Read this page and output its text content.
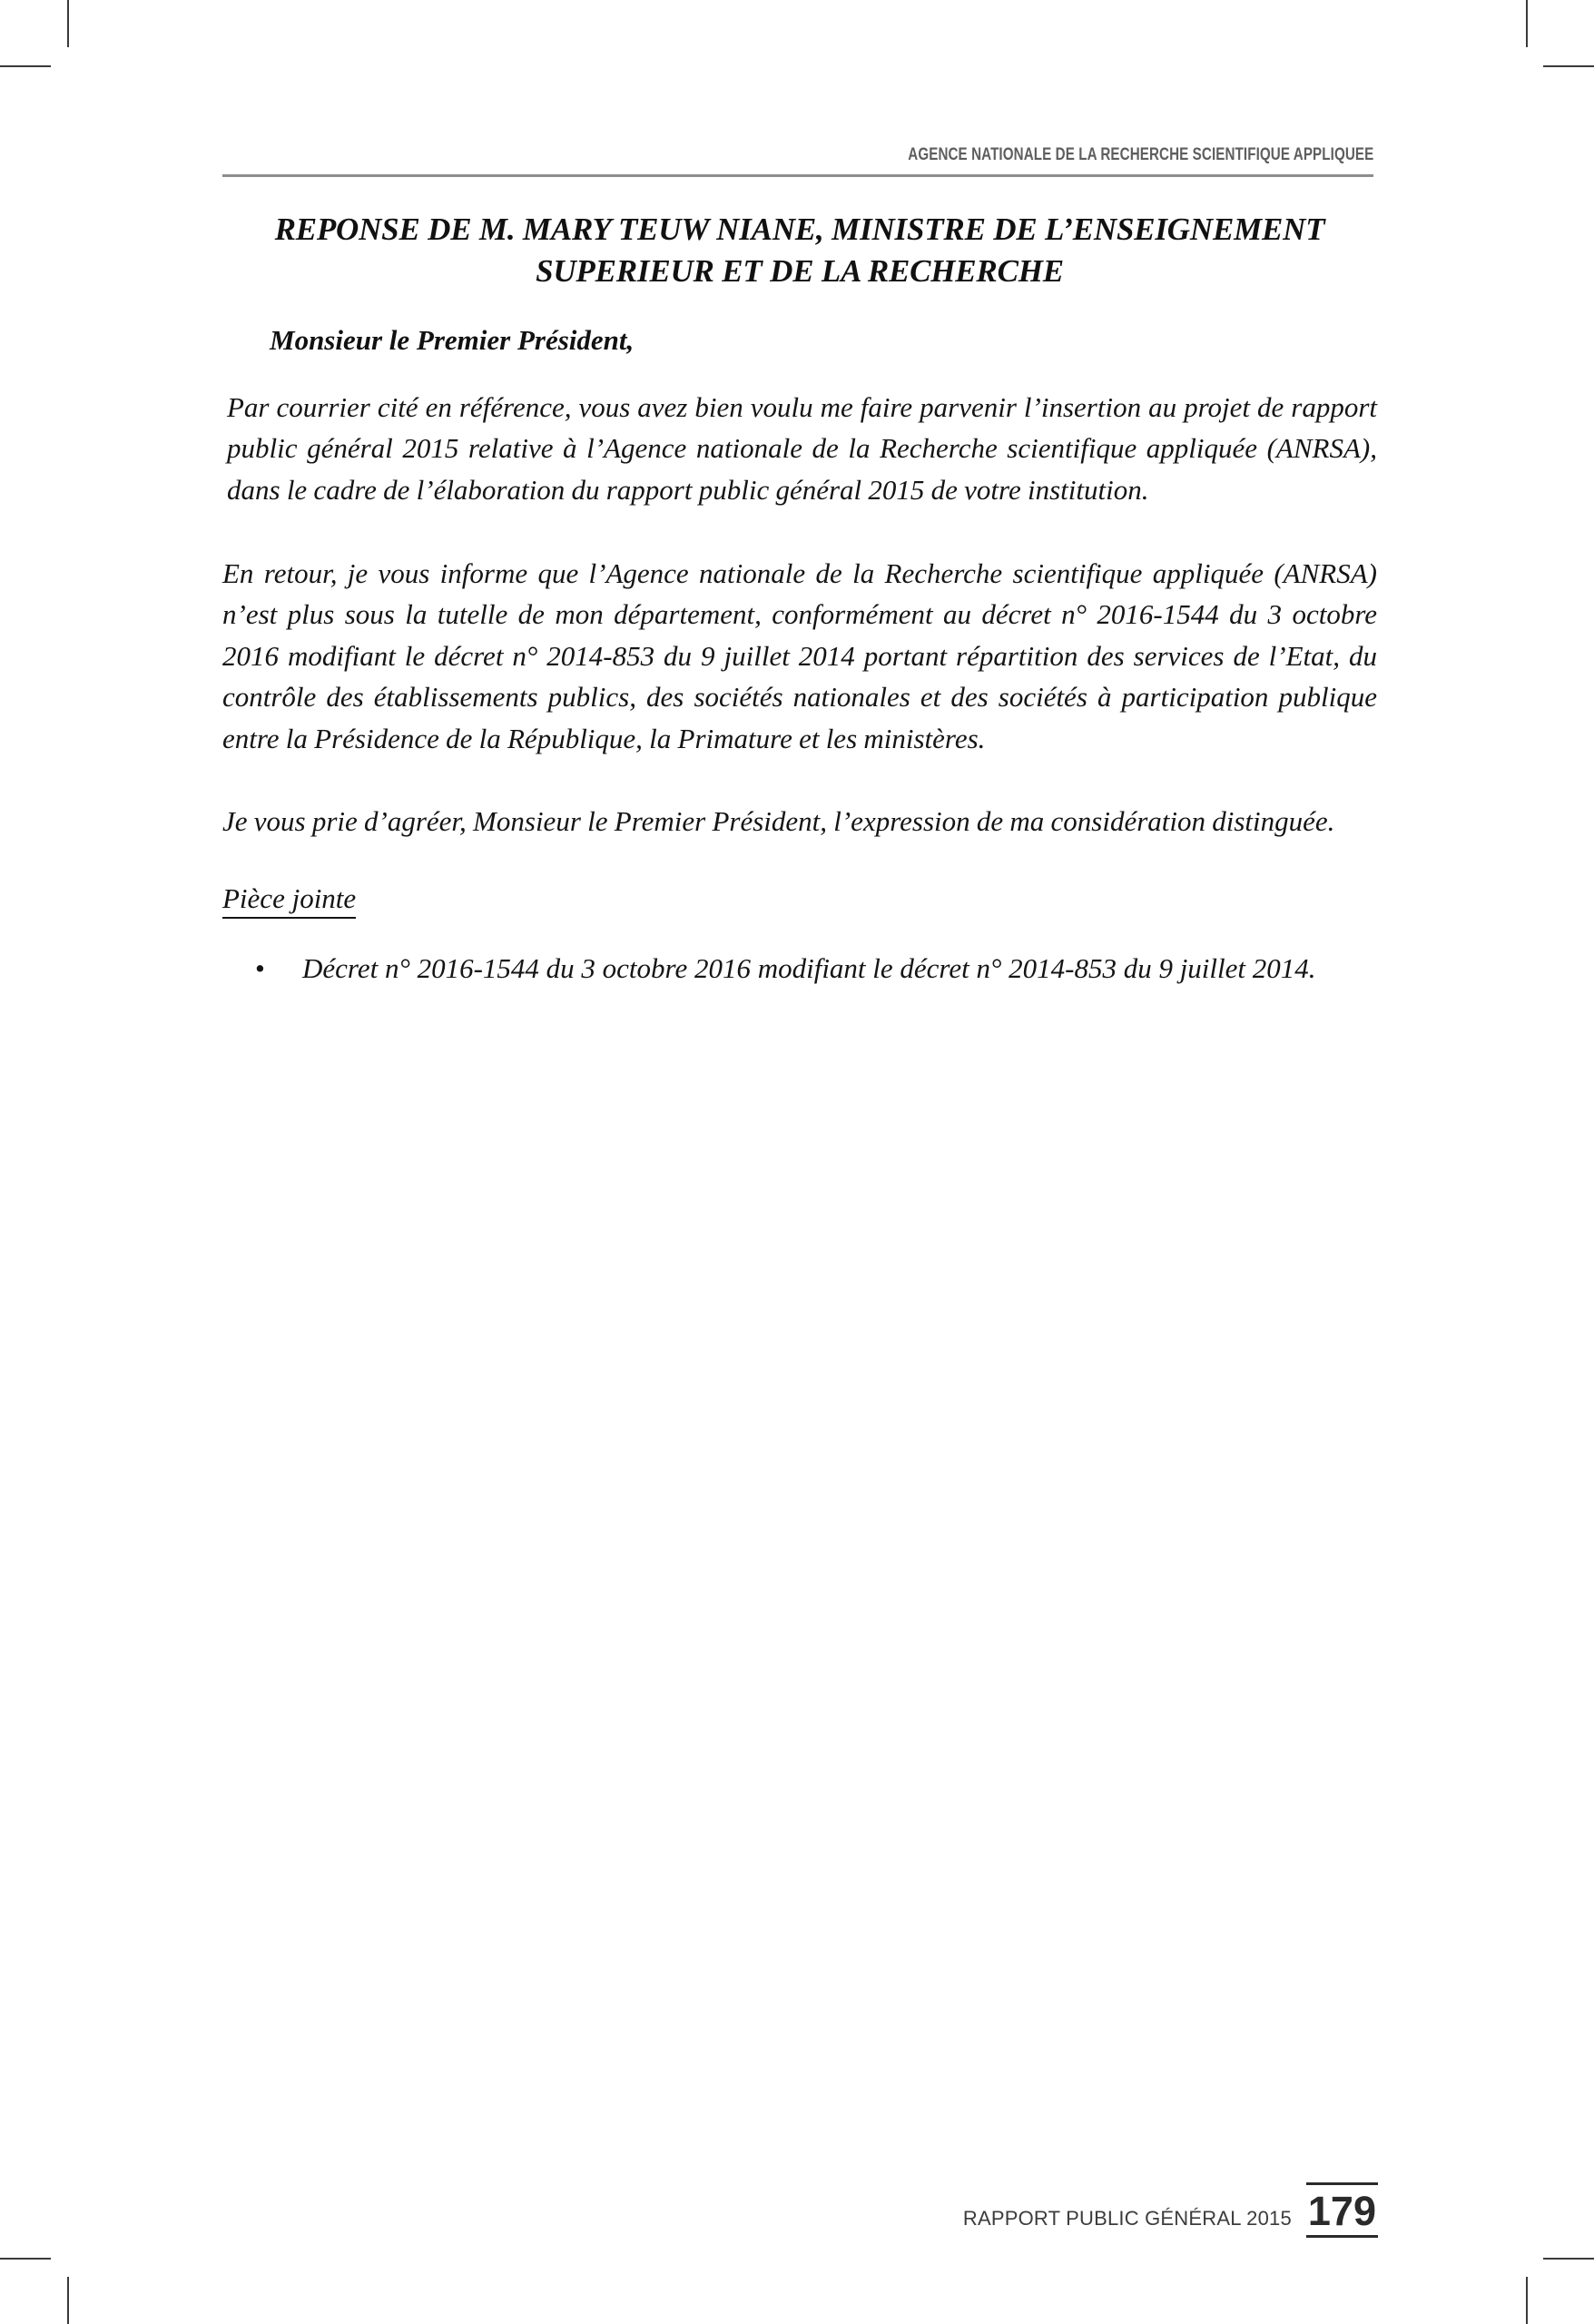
AGENCE NATIONALE DE LA RECHERCHE SCIENTIFIQUE APPLIQUEE
REPONSE DE M. MARY TEUW NIANE, MINISTRE DE L’ENSEIGNEMENT SUPERIEUR ET DE LA RECHERCHE
Monsieur le Premier Président,

Par courrier cité en référence, vous avez bien voulu me faire parvenir l’insertion au projet de rapport public général 2015 relative à l’Agence nationale de la Recherche scientifique appliquée (ANRSA), dans le cadre de l’élaboration du rapport public général 2015 de votre institution.

En retour, je vous informe que l’Agence nationale de la Recherche scientifique appliquée (ANRSA) n’est plus sous la tutelle de mon département, conformément au décret n° 2016-1544 du 3 octobre 2016 modifiant le décret n° 2014-853 du 9 juillet 2014 portant répartition des services de l’Etat, du contrôle des établissements publics, des sociétés nationales et des sociétés à participation publique entre la Présidence de la République, la Primature et les ministères.

Je vous prie d’agréer, Monsieur le Premier Président, l’expression de ma considération distinguée.

Pièce jointe
• Décret n° 2016-1544 du 3 octobre 2016 modifiant le décret n° 2014-853 du 9 juillet 2014.
RAPPORT PUBLIC GÉNÉRAL 2015 179
